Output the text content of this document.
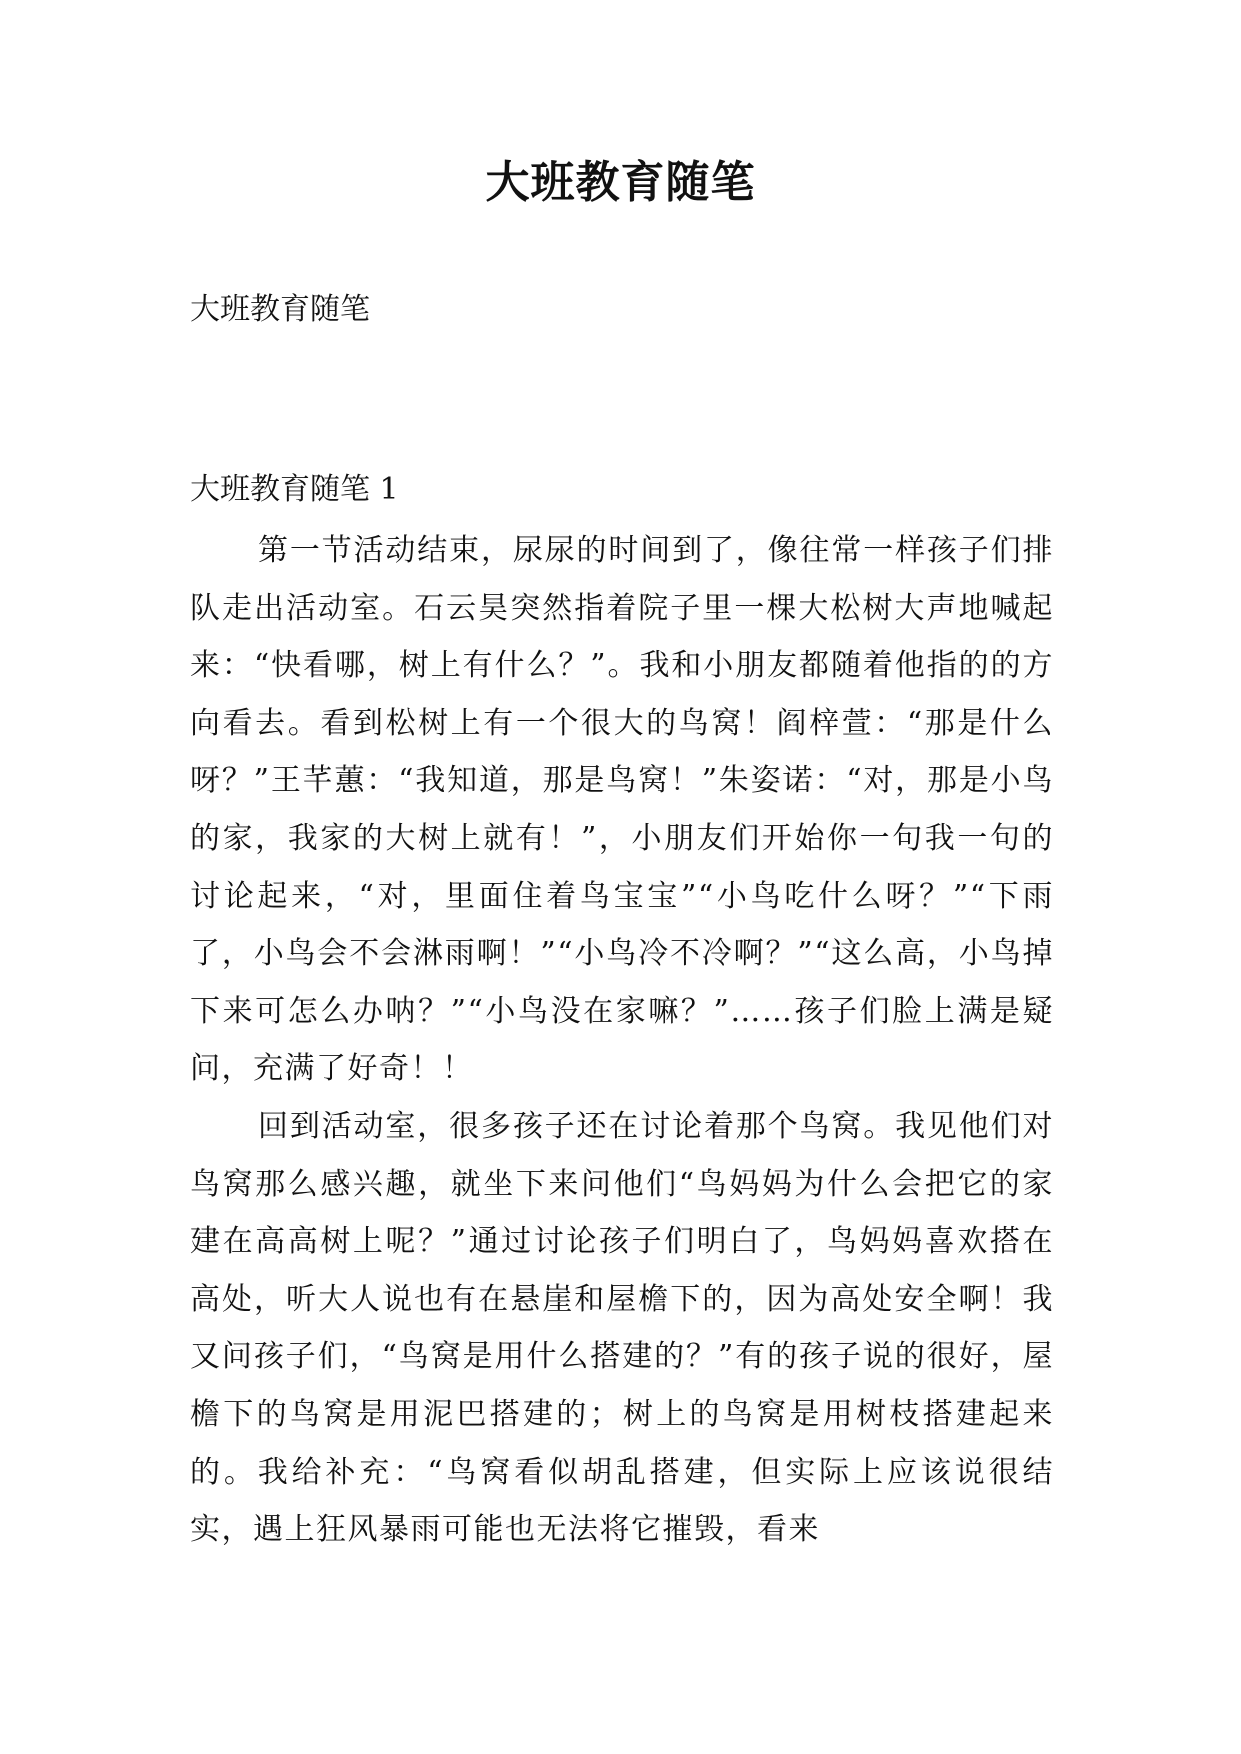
大班教育随笔

大班教育随笔

大班教育随笔 1

第一节活动结束，尿尿的时间到了，像往常一样孩子们排队走出活动室。石云昊突然指着院子里一棵大松树大声地喊起来：“快看哪，树上有什么？”。我和小朋友都随着他指的的方向看去。看到松树上有一个很大的鸟窝！阎梓萱：“那是什么呀？”王芊蕙：“我知道，那是鸟窝！”朱姿诺：“对，那是小鸟的家，我家的大树上就有！”，小朋友们开始你一句我一句的讨论起来，“对，里面住着鸟宝宝”“小鸟吃什么呀？”“下雨了，小鸟会不会淋雨啊！”“小鸟冷不冷啊？”“这么高，小鸟掉下来可怎么办呐？”“小鸟没在家嘛？”……孩子们脸上满是疑问，充满了好奇！！

回到活动室，很多孩子还在讨论着那个鸟窝。我见他们对鸟窝那么感兴趣，就坐下来问他们“鸟妈妈为什么会把它的家建在高高树上呢？”通过讨论孩子们明白了，鸟妈妈喜欢搭在高处，听大人说也有在悬崖和屋檐下的，因为高处安全啊！我又问孩子们，“鸟窝是用什么搭建的？”有的孩子说的很好，屋檐下的鸟窝是用泥巴搭建的；树上的鸟窝是用树枝搭建起来的。我给补充：“鸟窝看似胡乱搭建，但实际上应该说很结实，遇上狂风暴雨可能也无法将它摧毁，看来
